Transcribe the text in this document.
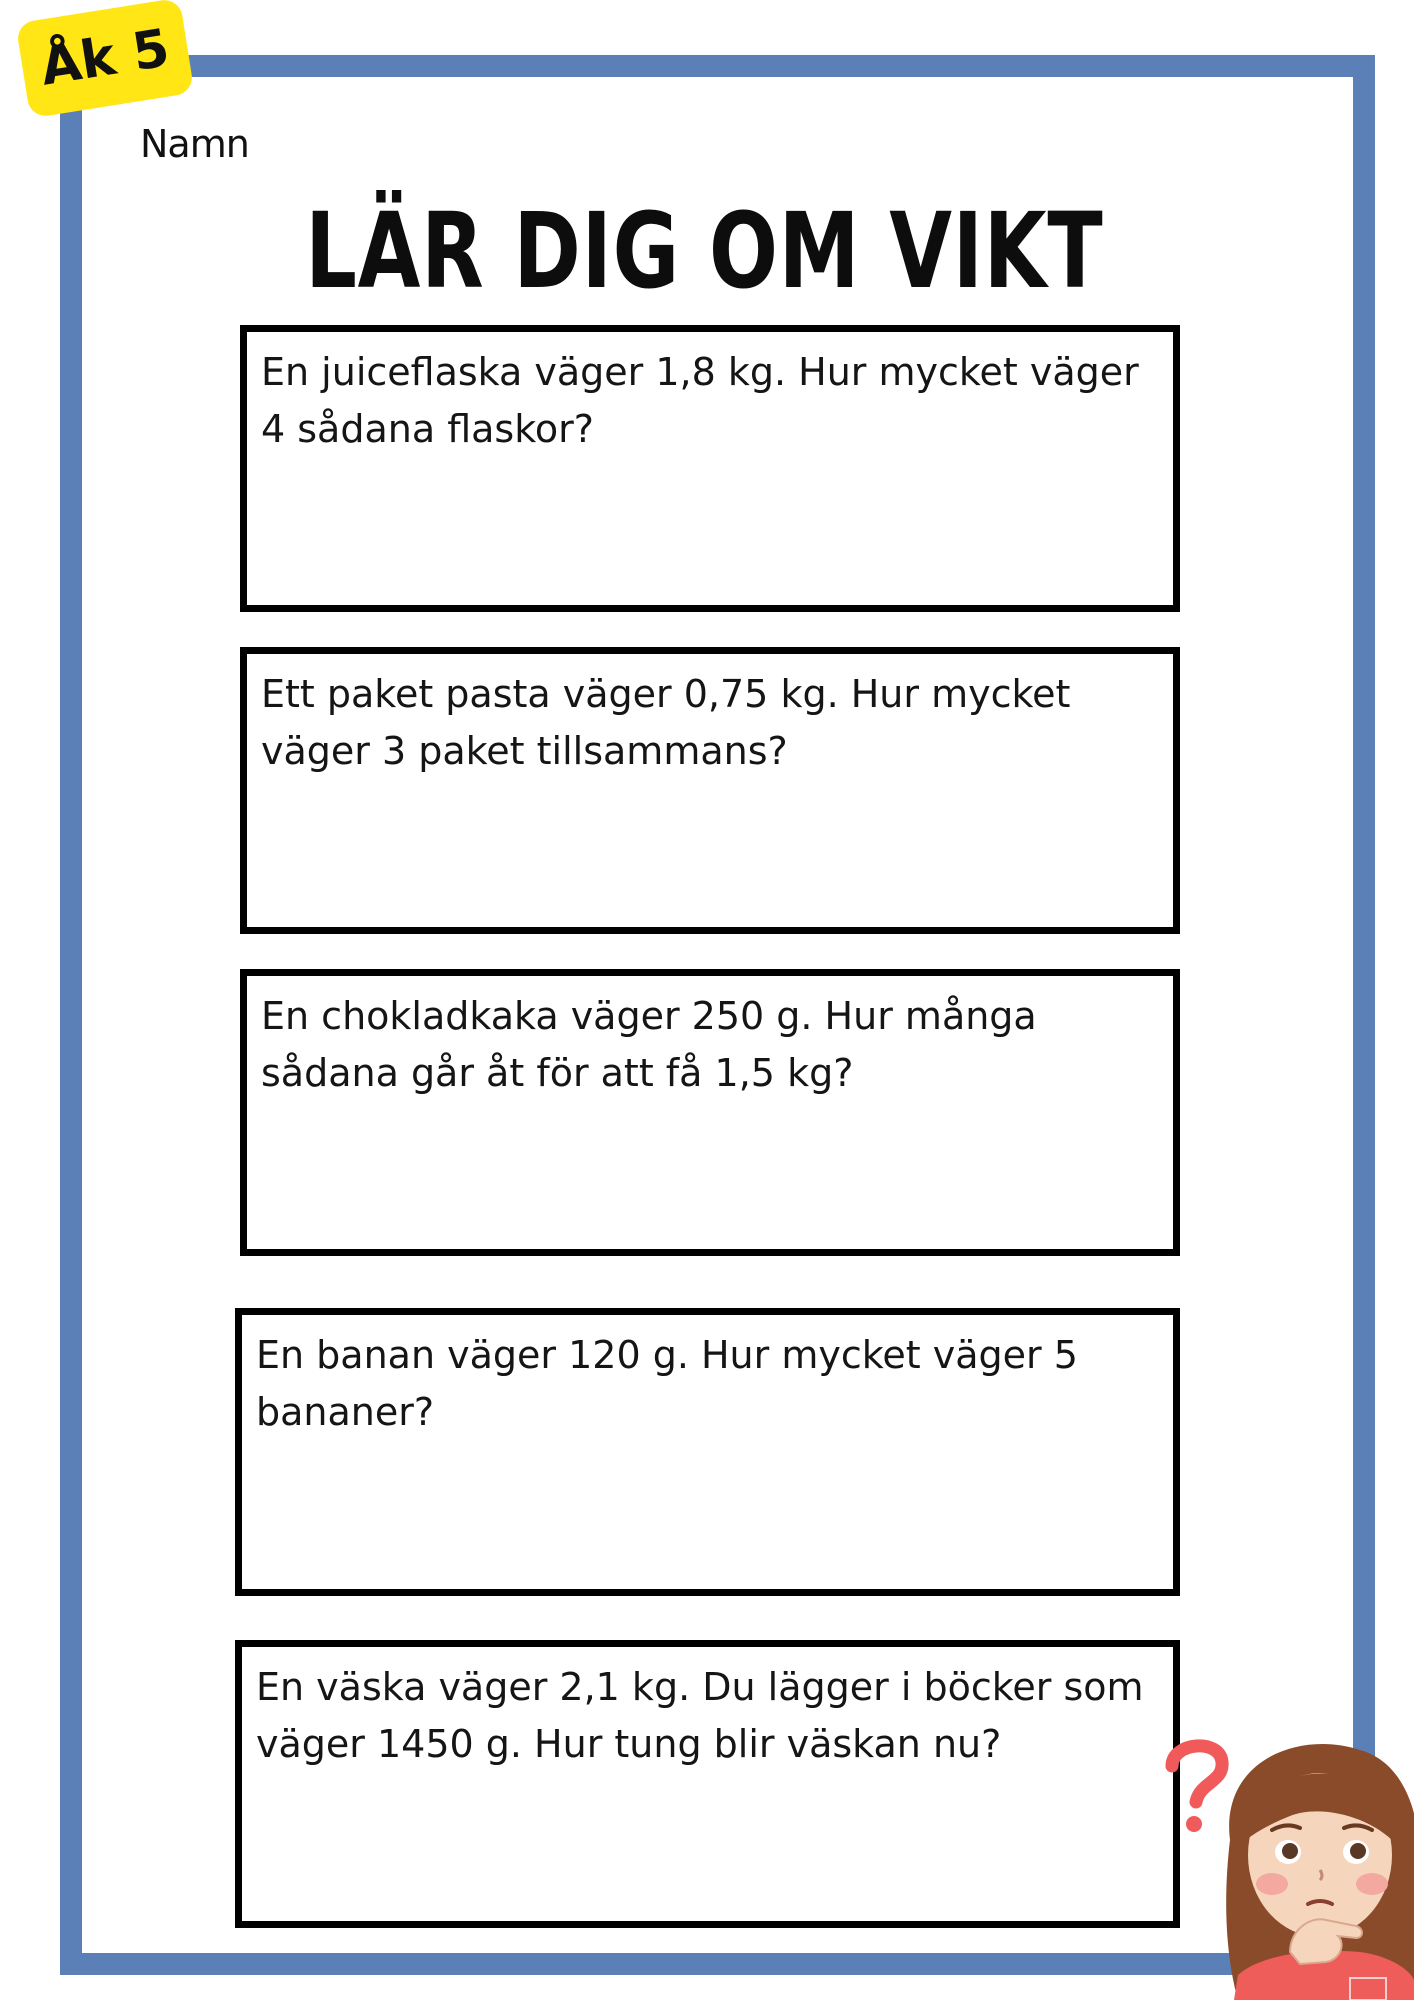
Åk 5
Namn
LÄR DIG OM VIKT

En juiceflaska väger 1,8 kg. Hur mycket väger 4 sådana flaskor?

Ett paket pasta väger 0,75 kg. Hur mycket väger 3 paket tillsammans?

En chokladkaka väger 250 g. Hur många sådana går åt för att få 1,5 kg?

En banan väger 120 g. Hur mycket väger 5 bananer?

En väska väger 2,1 kg. Du lägger i böcker som väger 1450 g. Hur tung blir väskan nu?
